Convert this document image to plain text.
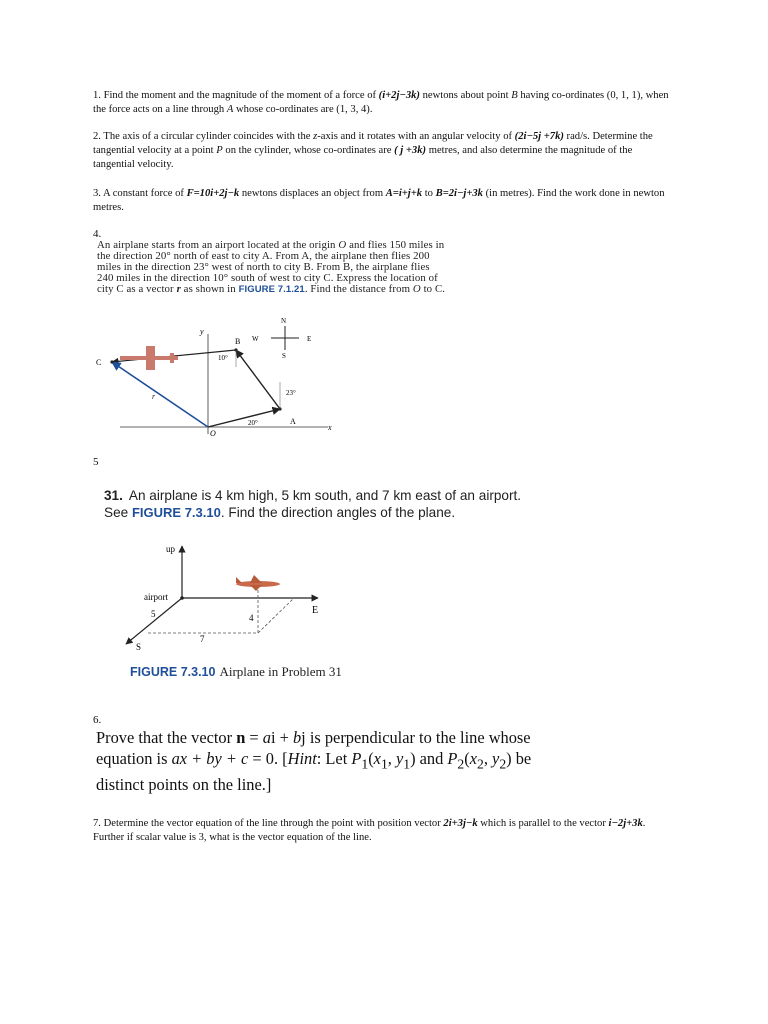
1. Find the moment and the magnitude of the moment of a force of (i+2j−3k) newtons about point B having co-ordinates (0, 1, 1), when the force acts on a line through A whose co-ordinates are (1, 3, 4).
2. The axis of a circular cylinder coincides with the z-axis and it rotates with an angular velocity of (2i−5j +7k) rad/s. Determine the tangential velocity at a point P on the cylinder, whose co-ordinates are ( j +3k) metres, and also determine the magnitude of the tangential velocity.
3. A constant force of F=10i+2j−k newtons displaces an object from A=i+j+k to B=2i−j+3k (in metres). Find the work done in newton metres.
4.
An airplane starts from an airport located at the origin O and flies 150 miles in the direction 20° north of east to city A. From A, the airplane then flies 200 miles in the direction 23° west of north to city B. From B, the airplane flies 240 miles in the direction 10° south of west to city C. Express the location of city C as a vector r as shown in FIGURE 7.1.21. Find the distance from O to C.
y
x
O
C
B
A
r
10°
23°
20°
N
S
W	E
5
31. An airplane is 4 km high, 5 km south, and 7 km east of an airport. See FIGURE 7.3.10. Find the direction angles of the plane.
up
E
S
airport
5
7
4
FIGURE 7.3.10 Airplane in Problem 31
6.
Prove that the vector n = ai + bj is perpendicular to the line whose equation is ax + by + c = 0. [Hint: Let $P_1(x_1$, $y_1$) and $P_2(x_2$, $y_2$) be distinct points on the line.]
7. Determine the vector equation of the line through the point with position vector 2i+3j−k which is parallel to the vector i−2j+3k. Further if scalar value is 3, what is the vector equation of the line.
